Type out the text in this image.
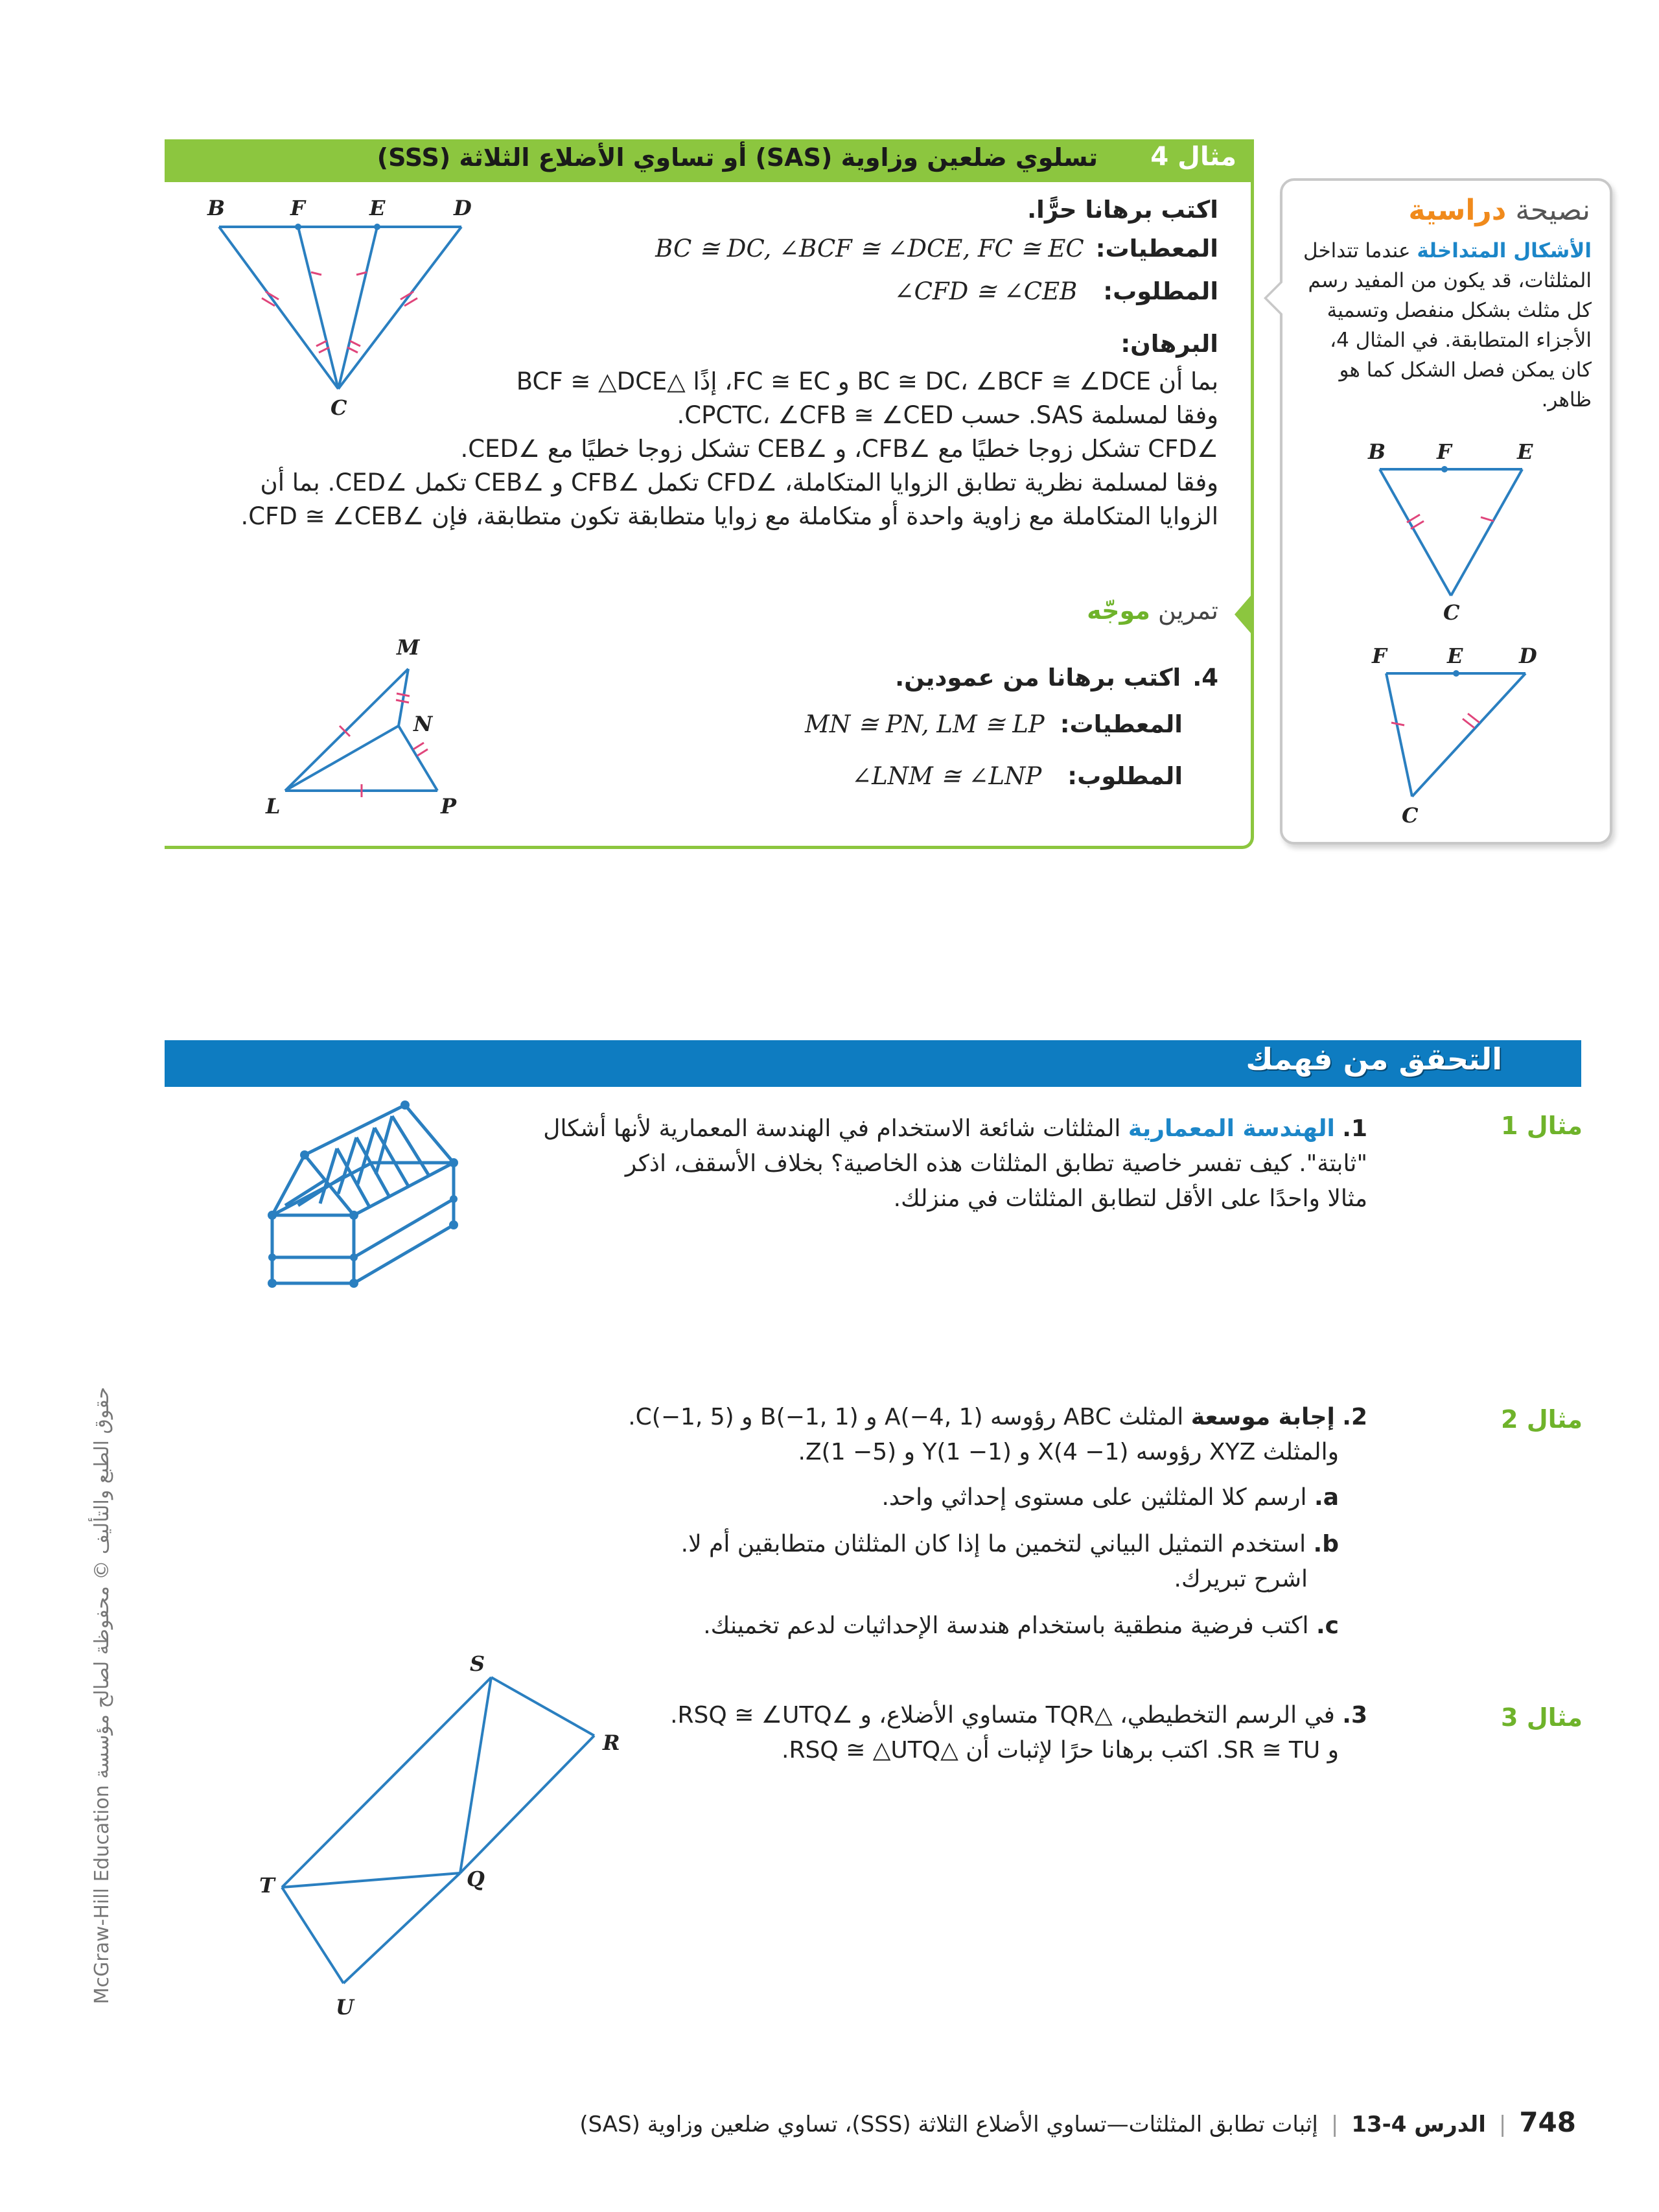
مثال 4
تسلوي ضلعين وزاوية (SAS) أو تساوي الأضلاع الثلاثة (SSS)
اكتب برهانا حرًّا.
المعطيات:
BC ≅ DC, ∠BCF ≅ ∠DCE, FC ≅ EC
المطلوب:
∠CFD ≅ ∠CEB
البرهان:
بما أن BC ≅ DC، ∠BCF ≅ ∠DCE و FC ≅ EC، إذًا △BCF ≅ △DCE
وفقا لمسلمة SAS. حسب CPCTC، ∠CFB ≅ ∠CED.
∠CFD تشكل زوجا خطيًا مع ∠CFB، و ∠CEB تشكل زوجا خطيًا مع ∠CED.
وفقا لمسلمة نظرية تطابق الزوايا المتكاملة، ∠CFD تكمل ∠CFB و ∠CEB تكمل ∠CED. بما أن
الزوايا المتكاملة مع زاوية واحدة أو متكاملة مع زوايا متطابقة تكون متطابقة، فإن ∠CFD ≅ ∠CEB.
B	F	E	D
C
تمرين موجّه
4.
اكتب برهانا من عمودين.
المعطيات:
MN ≅ PN, LM ≅ LP
المطلوب:
∠LNM ≅ ∠LNP
M
N
L	P
نصيحة دراسية
الأشكال المتداخلة عندما تتداخل المثلثات، قد يكون من المفيد رسم كل مثلث بشكل منفصل وتسمية الأجزاء المتطابقة. في المثال 4، كان يمكن فصل الشكل كما هو ظاهر.
B F	E
C
F	E	D
C
التحقق من فهمك
مثال 1
1. الهندسة المعمارية المثلثات شائعة الاستخدام في الهندسة المعمارية لأنها أشكال
"ثابتة". كيف تفسر خاصية تطابق المثلثات هذه الخاصية؟ بخلاف الأسقف، اذكر
مثالا واحدًا على الأقل لتطابق المثلثات في منزلك.
مثال 2
2. إجابة موسعة المثلث ABC رؤوسه A(−4, 1) و B(−1, 1) و C(−1, 5).
والمثلث XYZ رؤوسه X(4 −1) و Y(1 −1) و Z(1 −5).
a. ارسم كلا المثلثين على مستوى إحداثي واحد.
b. استخدم التمثيل البياني لتخمين ما إذا كان المثلثان متطابقين أم لا.
اشرح تبريرك.
c. اكتب فرضية منطقية باستخدام هندسة الإحداثيات لدعم تخمينك.
مثال 3
3. في الرسم التخطيطي، △TQR متساوي الأضلاع، و ∠RSQ ≅ ∠UTQ.
و SR ≅ TU. اكتب برهانا حرًا لإثبات أن △RSQ ≅ △UTQ.
S
R
T	Q
U
748
|
الدرس 4-13
|
إثبات تطابق المثلثات—تساوي الأضلاع الثلاثة (SSS)، تساوي ضلعين وزاوية (SAS)
حقوق الطبع والتأليف © محفوظة لصالح مؤسسة McGraw-Hill Education
